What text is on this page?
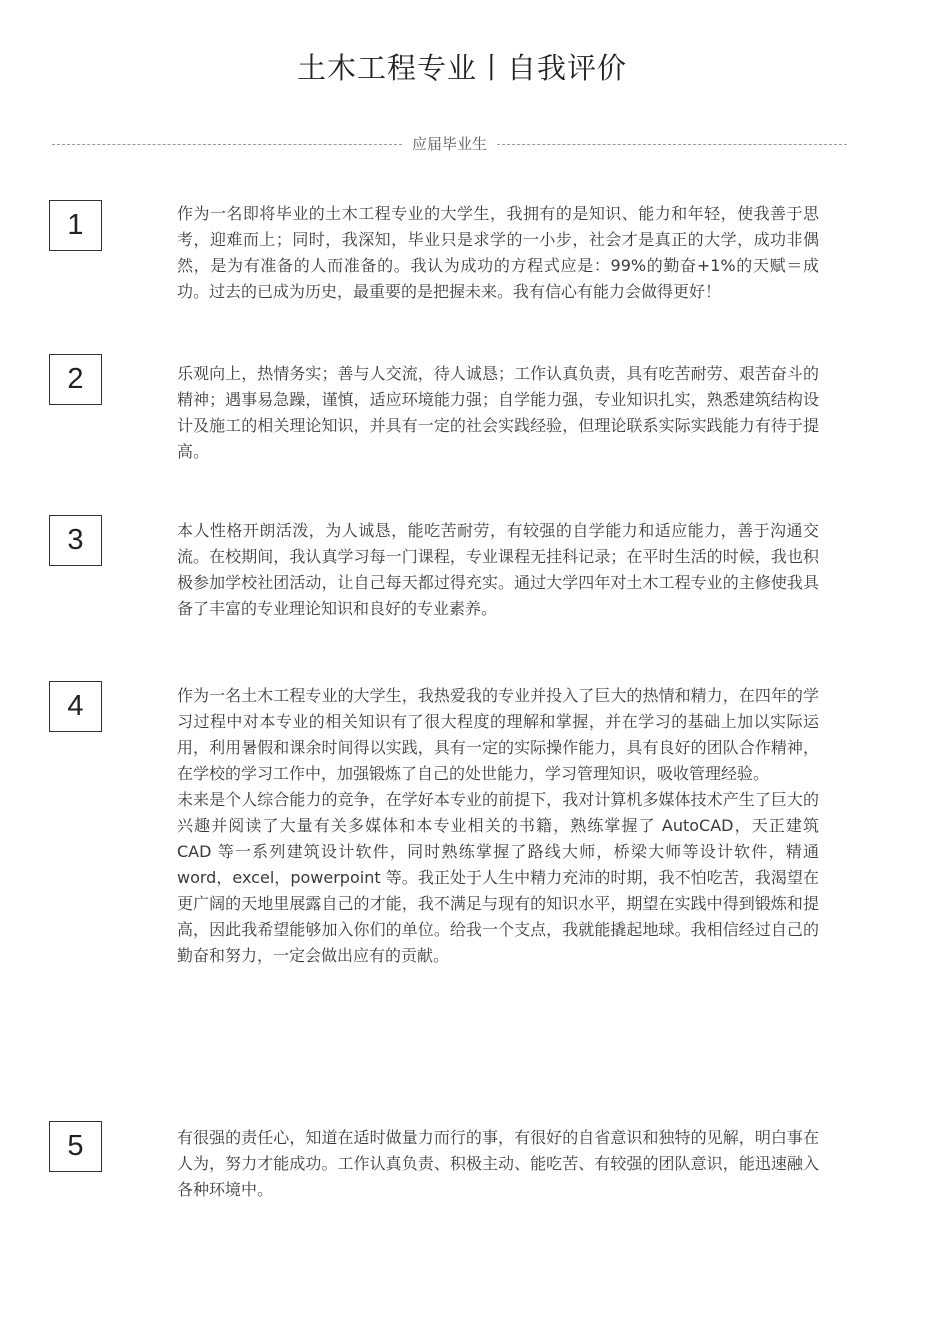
土木工程专业丨自我评价
应届毕业生
1	作为一名即将毕业的土木工程专业的大学生，我拥有的是知识、能力和年轻，使我善于思考，迎难而上；同时，我深知，毕业只是求学的一小步，社会才是真正的大学，成功非偶然，是为有准备的人而准备的。我认为成功的方程式应是：99%的勤奋+1%的天赋＝成功。过去的已成为历史，最重要的是把握未来。我有信心有能力会做得更好！

2	乐观向上，热情务实；善与人交流，待人诚恳；工作认真负责，具有吃苦耐劳、艰苦奋斗的精神；遇事易急躁，谨慎，适应环境能力强；自学能力强，专业知识扎实，熟悉建筑结构设计及施工的相关理论知识，并具有一定的社会实践经验，但理论联系实际实践能力有待于提高。

3	本人性格开朗活泼，为人诚恳，能吃苦耐劳，有较强的自学能力和适应能力，善于沟通交流。在校期间，我认真学习每一门课程，专业课程无挂科记录；在平时生活的时候，我也积极参加学校社团活动，让自己每天都过得充实。通过大学四年对土木工程专业的主修使我具备了丰富的专业理论知识和良好的专业素养。

4	作为一名土木工程专业的大学生，我热爱我的专业并投入了巨大的热情和精力，在四年的学习过程中对本专业的相关知识有了很大程度的理解和掌握，并在学习的基础上加以实际运用，利用暑假和课余时间得以实践，具有一定的实际操作能力，具有良好的团队合作精神，在学校的学习工作中，加强锻炼了自己的处世能力，学习管理知识，吸收管理经验。

未来是个人综合能力的竞争，在学好本专业的前提下，我对计算机多媒体技术产生了巨大的兴趣并阅读了大量有关多媒体和本专业相关的书籍，熟练掌握了 AutoCAD，天正建筑 CAD 等一系列建筑设计软件，同时熟练掌握了路线大师，桥梁大师等设计软件，精通 word，excel，powerpoint 等。我正处于人生中精力充沛的时期，我不怕吃苦，我渴望在更广阔的天地里展露自己的才能，我不满足与现有的知识水平，期望在实践中得到锻炼和提高，因此我希望能够加入你们的单位。给我一个支点，我就能撬起地球。我相信经过自己的勤奋和努力，一定会做出应有的贡献。

5	有很强的责任心，知道在适时做量力而行的事，有很好的自省意识和独特的见解，明白事在人为，努力才能成功。工作认真负责、积极主动、能吃苦、有较强的团队意识，能迅速融入各种环境中。
